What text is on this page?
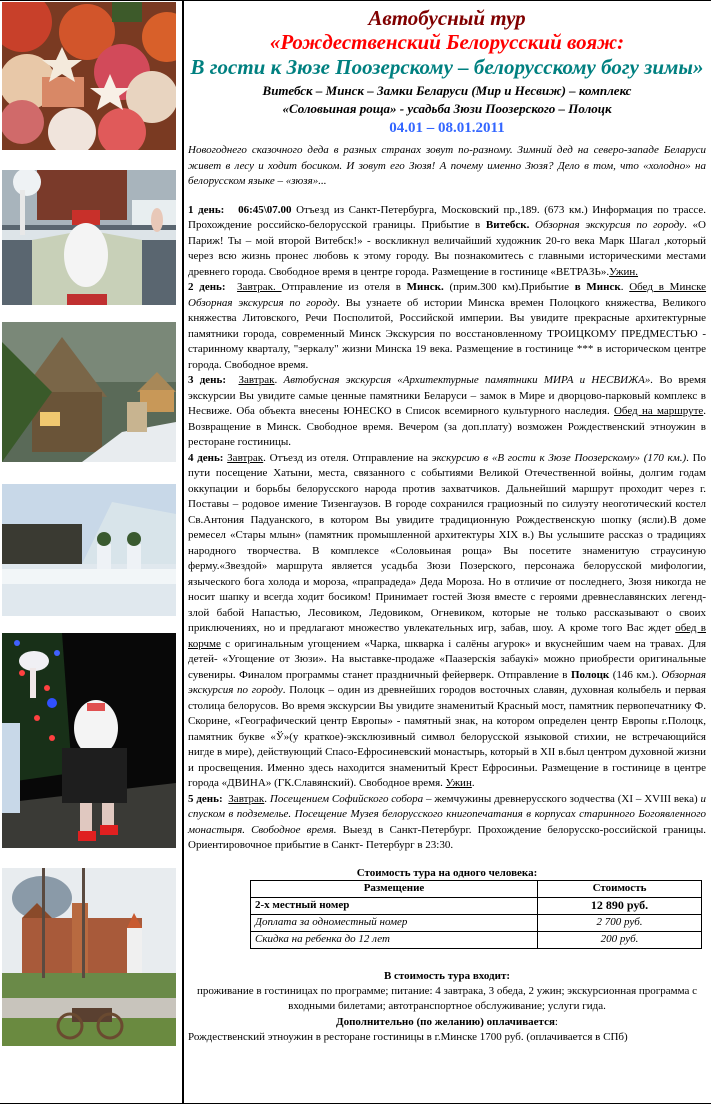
Автобусный тур
«Рождественский Белорусский вояж:
В гости к Зюзе Поозерскому – белорусскому богу зимы»
Витебск – Минск – Замки Беларуси (Мир и Несвиж) – комплекс
«Соловьиная роща» - усадьба Зюзи Поозерского – Полоцк
04.01 – 08.01.2011
Новогоднего сказочного деда в разных странах зовут по-разному. Зимний дед на северо-западе Беларуси живет в лесу и ходит босиком. И зовут его Зюзя! А почему именно Зюзя? Дело в том, что «холодно» на белорусском языке – «зюзя»...

1 день: 06:45\07.00 Отъезд из Санкт-Петербурга, Московский пр.,189. (673 км.) Информация по трассе. Прохождение российско-белорусской границы. Прибытие в Витебск. Обзорная экскурсия по городу. «О Париж! Ты – мой второй Витебск!» - воскликнул величайший художник 20-го века Марк Шагал ,который через всю жизнь пронес любовь к этому городу. Вы познакомитесь с главными историческими местами древнего города. Свободное время в центре города. Размещение в гостинице «ВЕТРАЗЬ».Ужин.

2 день: Завтрак. Отправление из отеля в Минск. (прим.300 км).Прибытие в Минск. Обед в Минске Обзорная экскурсия по городу. Вы узнаете об истории Минска времен Полоцкого княжества, Великого княжества Литовского, Речи Посполитой, Российской империи. Вы увидите прекрасные архитектурные памятники города, современный Минск Экскурсия по восстановленному ТРОИЦКОМУ ПРЕДМЕСТЬЮ - старинному кварталу, "зеркалу" жизни Минска 19 века. Размещение в гостинице *** в историческом центре города. Свободное время.

3 день: Завтрак. Автобусная экскурсия «Архитектурные памятники МИРА и НЕСВИЖА». Во время экскурсии Вы увидите самые ценные памятники Беларуси – замок в Мире и дворцово-парковый комплекс в Несвиже. Оба объекта внесены ЮНЕСКО в Список всемирного культурного наследия. Обед на маршруте. Возвращение в Минск. Свободное время. Вечером (за доп.плату) возможен Рождественский этноужин в ресторане гостиницы.

4 день: Завтрак. Отъезд из отеля. Отправление на экскурсию в «В гости к Зюзе Поозерскому» (170 км.). По пути посещение Хатыни, места, связанного с событиями Великой Отечественной войны, долгим годам оккупации и борьбы белорусского народа против захватчиков. Дальнейший маршрут проходит через г. Поставы – родовое имение Тизенгаузов. В городе сохранился грациозный по силуэту неоготический костел Св.Антония Падуанского, в котором Вы увидите традиционную Рождественскую шопку (ясли).В доме ремесел «Стары млын» (памятник промышленной архитектуры XIX в.) Вы услышите рассказ о традициях народного творчества. В комплексе «Соловьиная роща» Вы посетите знаменитую страусиную ферму.«Звездой» маршрута является усадьба Зюзи Позерского, персонажа белорусской мифологии, языческого бога холода и мороза, «прапрадеда» Деда Мороза. Но в отличие от последнего, Зюзя никогда не носит шапку и всегда ходит босиком! Принимает гостей Зюзя вместе с героями древнеславянских легенд- злой бабой Напастью, Лесовиком, Ледовиком, Огневиком, которые не только рассказывают о своих приключениях, но и предлагают множество увлекательных игр, забав, шоу. А кроме того Вас ждет обед в корчме с оригинальным угощением «Чарка, шкварка і салёны агурок» и вкуснейшим чаем на травах. Для детей- «Угощение от Зюзи». На выставке-продаже «Паазерскія забаукі» можно приобрести оригинальные сувениры. Финалом программы станет праздничный фейерверк. Отправление в Полоцк (146 км.). Обзорная экскурсия по городу. Полоцк – один из древнейших городов восточных славян, духовная колыбель и первая столица белорусов. Во время экскурсии Вы увидите знаменитый Красный мост, памятник первопечатнику Ф. Скорине, «Географический центр Европы» - памятный знак, на котором определен центр Европы г.Полоцк, памятник букве «Ў»(у краткое)-эксклюзивный символ белорусской языковой стихии, не встречающийся нигде в мире), действующий Спасо-Ефросиневский монастырь, который в XII в.был центром духовной жизни и просвещения. Именно здесь находится знаменитый Крест Ефросиньи. Размещение в гостинице в центре города «ДВИНА» (ГК.Славянский). Свободное время. Ужин.

5 день: Завтрак. Посещением Софийского собора – жемчужины древнерусского зодчества (XI – XVIII века) и спуском в подземелье. Посещение Музея белорусского книгопечатания в корпусах старинного Богоявленного монастыря. Свободное время. Выезд в Санкт-Петербург. Прохождение белорусско-российской границы. Ориентировочное прибытие в Санкт- Петербург в 23:30.

Стоимость тура на одного человека:
Размещение	Стоимость
2-х местный номер	12 890 руб.
Доплата за одноместный номер	2 700 руб.
Скидка на ребенка до 12 лет	200 руб.
В стоимость тура входит:
проживание в гостиницах по программе; питание: 4 завтрака, 3 обеда, 2 ужин; экскурсионная программа с входными билетами; автотранспортное обслуживание; услуги гида.
Дополнительно (по желанию) оплачивается:
Рождественский этноужин в ресторане гостиницы в г.Минске 1700 руб. (оплачивается в СПб)
